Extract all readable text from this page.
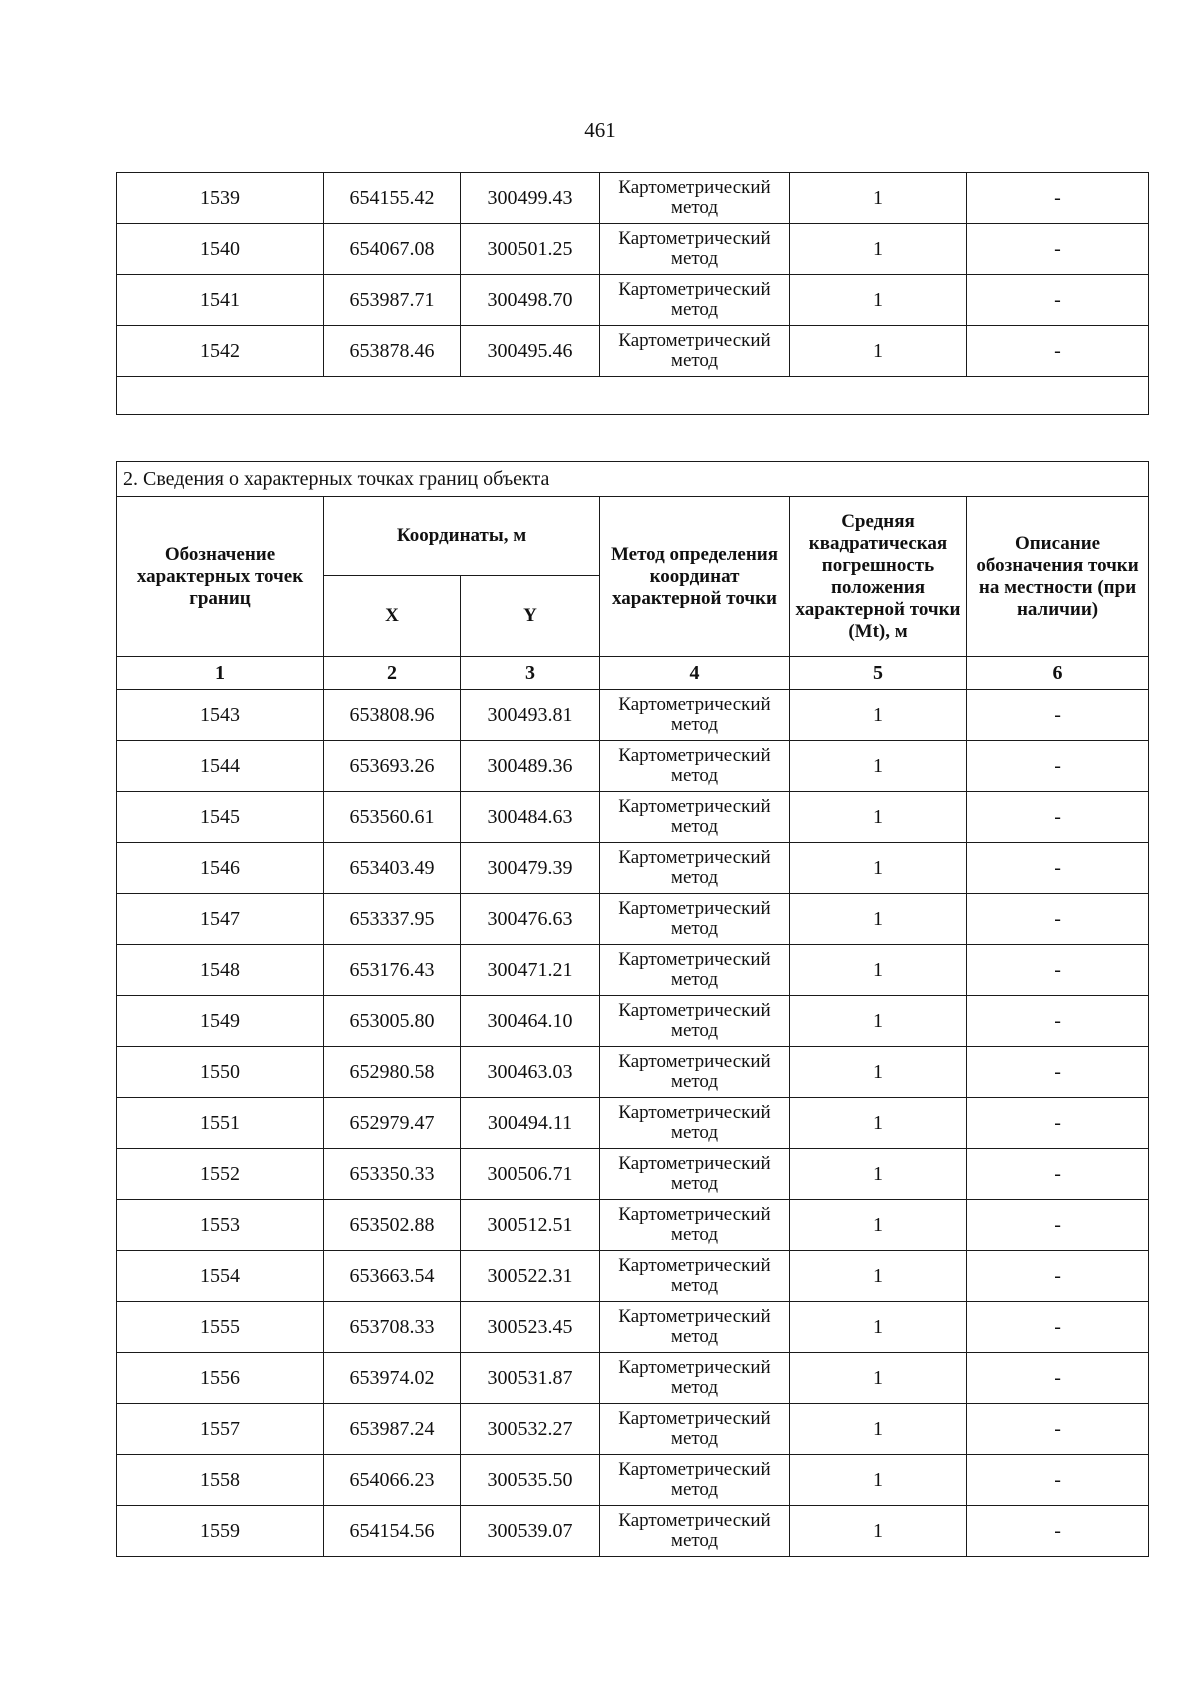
461
1539	654155.42	300499.43	Картометрический метод	1	-
1540	654067.08	300501.25	Картометрический метод	1	-
1541	653987.71	300498.70	Картометрический метод	1	-
1542	653878.46	300495.46	Картометрический метод	1	-

2. Сведения о характерных точках границ объекта					
Обозначение характерных точек границ	Координаты, м		Метод определения координат характерной точки	Средняя квадратическая погрешность положения характерной точки (Mt), м	Описание обозначения точки на местности (при наличии)
	X	Y			
1	2	3	4	5	6
1543	653808.96	300493.81	Картометрический метод	1	-
1544	653693.26	300489.36	Картометрический метод	1	-
1545	653560.61	300484.63	Картометрический метод	1	-
1546	653403.49	300479.39	Картометрический метод	1	-
1547	653337.95	300476.63	Картометрический метод	1	-
1548	653176.43	300471.21	Картометрический метод	1	-
1549	653005.80	300464.10	Картометрический метод	1	-
1550	652980.58	300463.03	Картометрический метод	1	-
1551	652979.47	300494.11	Картометрический метод	1	-
1552	653350.33	300506.71	Картометрический метод	1	-
1553	653502.88	300512.51	Картометрический метод	1	-
1554	653663.54	300522.31	Картометрический метод	1	-
1555	653708.33	300523.45	Картометрический метод	1	-
1556	653974.02	300531.87	Картометрический метод	1	-
1557	653987.24	300532.27	Картометрический метод	1	-
1558	654066.23	300535.50	Картометрический метод	1	-
1559	654154.56	300539.07	Картометрический метод	1	-
